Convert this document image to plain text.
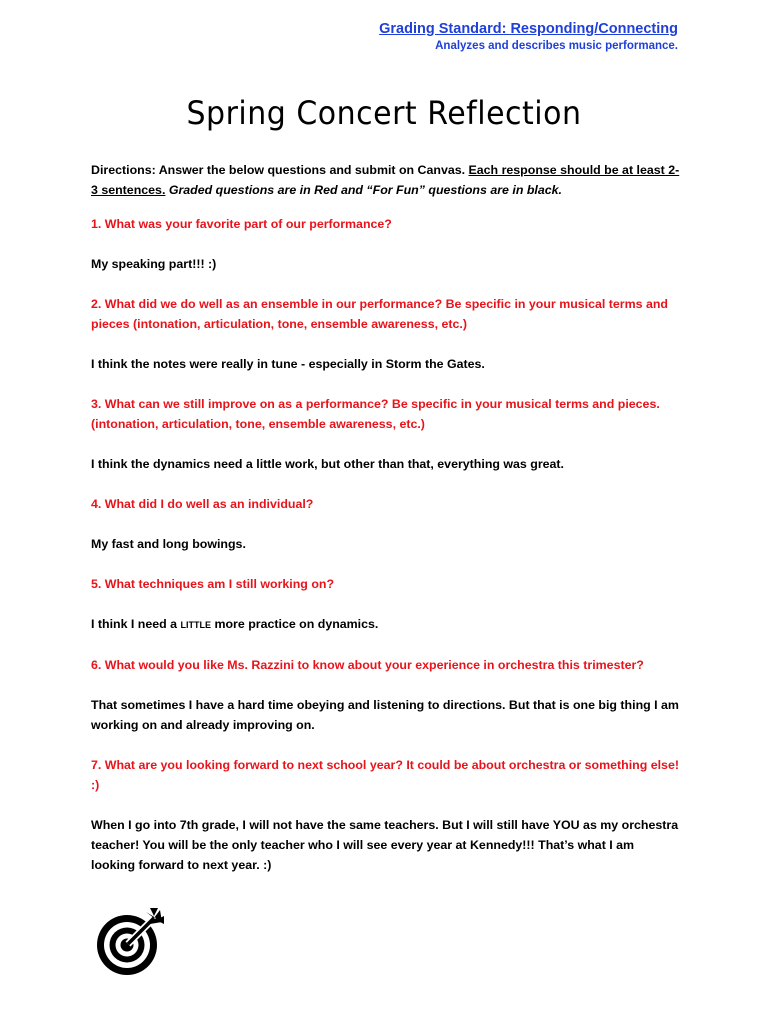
Grading Standard: Responding/Connecting
Analyzes and describes music performance.
Spring Concert Reflection

Directions: Answer the below questions and submit on Canvas. Each response should be at least 2-3 sentences. Graded questions are in Red and “For Fun” questions are in black.

1. What was your favorite part of our performance?

My speaking part!!! :)

2. What did we do well as an ensemble in our performance? Be specific in your musical terms and pieces (intonation, articulation, tone, ensemble awareness, etc.)

I think the notes were really in tune - especially in Storm the Gates.

3. What can we still improve on as a performance? Be specific in your musical terms and pieces. (intonation, articulation, tone, ensemble awareness, etc.)

I think the dynamics need a little work, but other than that, everything was great.

4. What did I do well as an individual?

My fast and long bowings.

5. What techniques am I still working on?

I think I need a LITTLE more practice on dynamics.

6. What would you like Ms. Razzini to know about your experience in orchestra this trimester?

That sometimes I have a hard time obeying and listening to directions. But that is one big thing I am working on and already improving on.

7. What are you looking forward to next school year? It could be about orchestra or something else! :)

When I go into 7th grade, I will not have the same teachers. But I will still have YOU as my orchestra teacher! You will be the only teacher who I will see every year at Kennedy!!! That’s what I am looking forward to next year. :)
